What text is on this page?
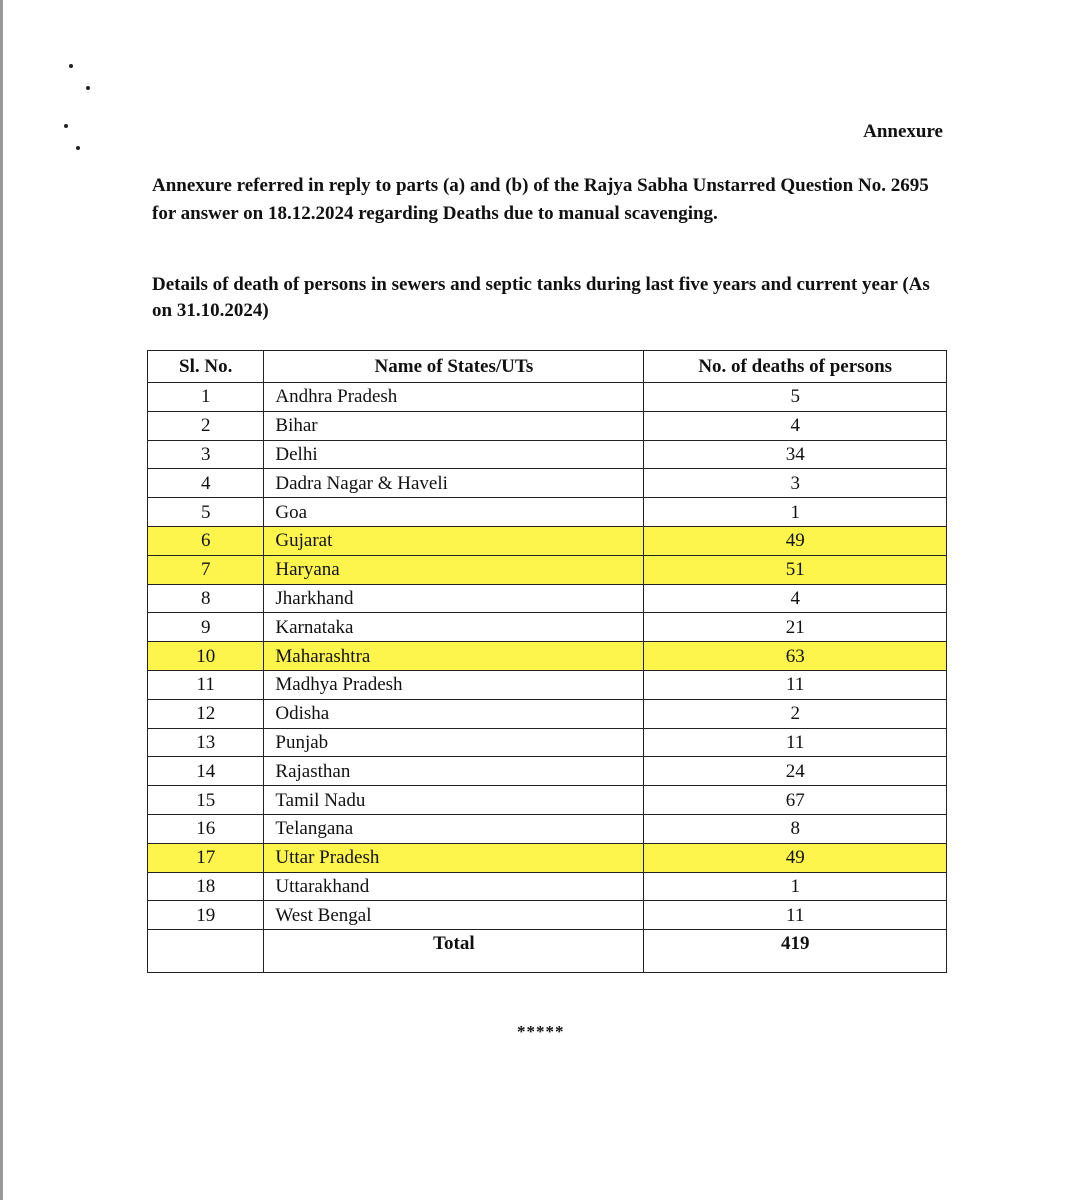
Annexure

Annexure referred in reply to parts (a) and (b) of the Rajya Sabha Unstarred Question No. 2695 for answer on 18.12.2024 regarding Deaths due to manual scavenging.

Details of death of persons in sewers and septic tanks during last five years and current year (As on 31.10.2024)

Sl. No.	Name of States/UTs	No. of deaths of persons
1	Andhra Pradesh	5
2	Bihar	4
3	Delhi	34
4	Dadra Nagar & Haveli	3
5	Goa	1
6	Gujarat	49
7	Haryana	51
8	Jharkhand	4
9	Karnataka	21
10	Maharashtra	63
11	Madhya Pradesh	11
12	Odisha	2
13	Punjab	11
14	Rajasthan	24
15	Tamil Nadu	67
16	Telangana	8
17	Uttar Pradesh	49
18	Uttarakhand	1
19	West Bengal	11
	Total	419
*****
